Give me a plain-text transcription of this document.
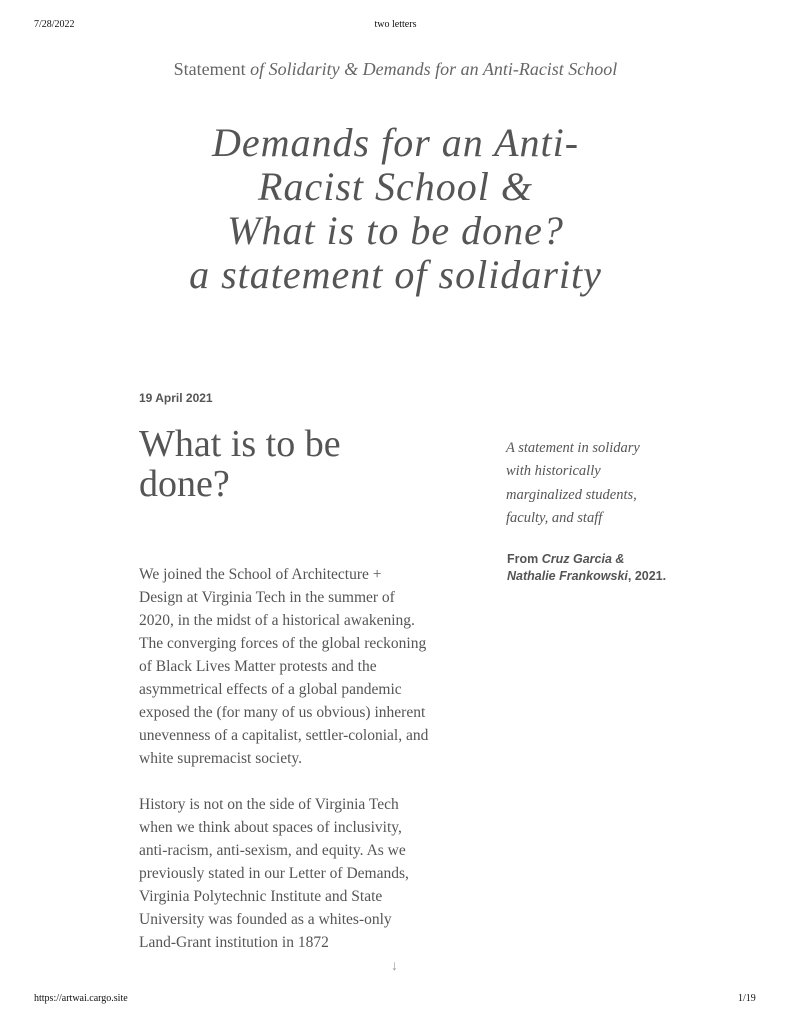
7/28/2022	two letters
Statement of Solidarity & Demands for an Anti-Racist School
Demands for an Anti-
Racist School &
What is to be done?
a statement of solidarity
19 April 2021
What is to be done?

We joined the School of Architecture + Design at Virginia Tech in the summer of 2020, in the midst of a historical awakening. The converging forces of the global reckoning of Black Lives Matter protests and the asymmetrical effects of a global pandemic exposed the (for many of us obvious) inherent unevenness of a capitalist, settler-colonial, and white supremacist society.

History is not on the side of Virginia Tech when we think about spaces of inclusivity, anti-racism, anti-sexism, and equity. As we previously stated in our Letter of Demands, Virginia Polytechnic Institute and State University was founded as a whites-only Land-Grant institution in 1872

↓
A statement in solidary with historically marginalized students, faculty, and staff
From Cruz Garcia & Nathalie Frankowski, 2021.
https://artwai.cargo.site	1/19
